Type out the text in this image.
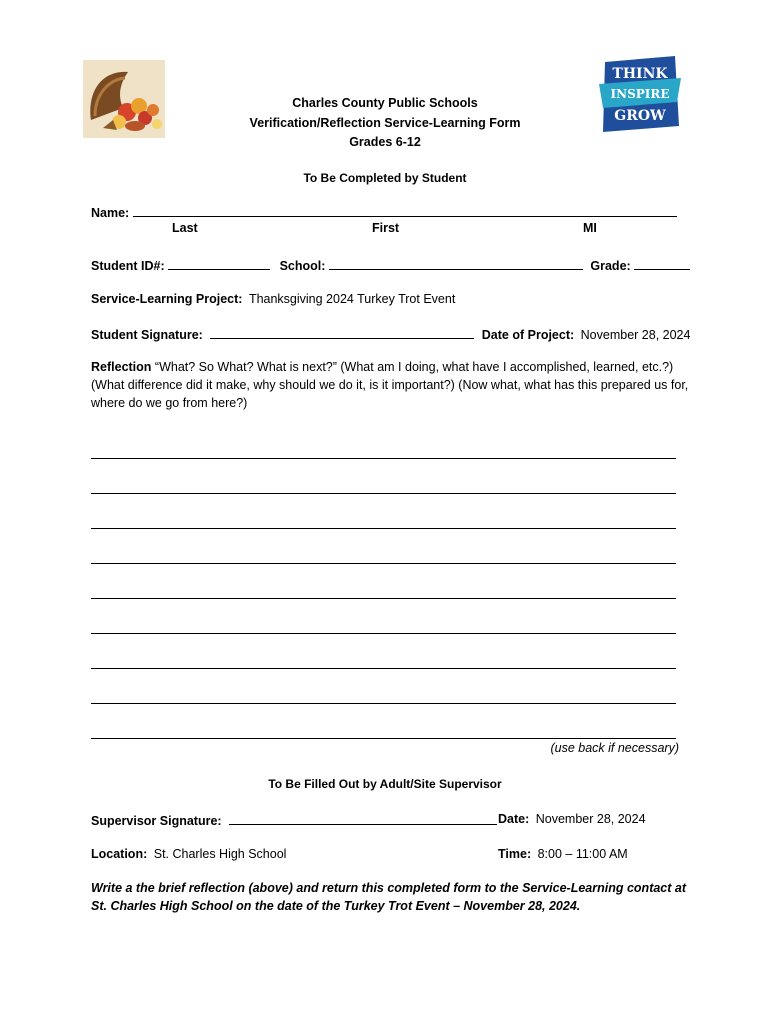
THINK
INSPIRE
GROW
Charles County Public Schools
Verification/Reflection Service-Learning Form
Grades 6-12
To Be Completed by Student
Name:
Last	First	MI
Student ID#:	School:	Grade:
Service-Learning Project: Thanksgiving 2024 Turkey Trot Event
Student Signature:	Date of Project: November 28, 2024
Reflection “What? So What? What is next?” (What am I doing, what have I accomplished, learned, etc.?) (What difference did it make, why should we do it, is it important?) (Now what, what has this prepared us for, where do we go from here?)
(use back if necessary)
To Be Filled Out by Adult/Site Supervisor
Supervisor Signature:	Date: November 28, 2024
Location: St. Charles High School	Time: 8:00 – 11:00 AM
Write a the brief reflection (above) and return this completed form to the Service-Learning contact at St. Charles High School on the date of the Turkey Trot Event – November 28, 2024.
